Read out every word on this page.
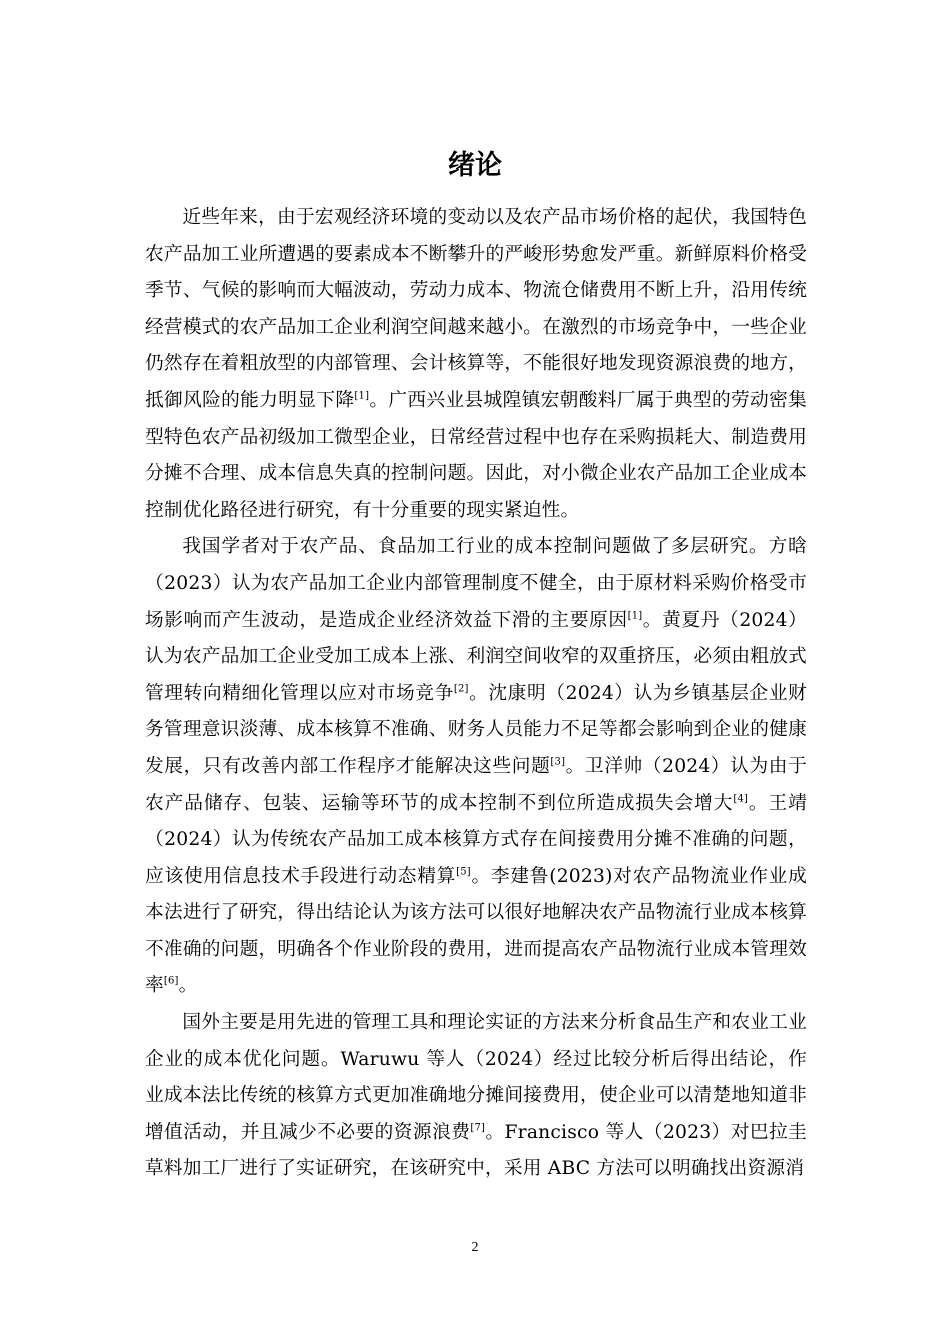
绪论

近些年来，由于宏观经济环境的变动以及农产品市场价格的起伏，我国特色农产品加工业所遭遇的要素成本不断攀升的严峻形势愈发严重。新鲜原料价格受季节、气候的影响而大幅波动，劳动力成本、物流仓储费用不断上升，沿用传统经营模式的农产品加工企业利润空间越来越小。在激烈的市场竞争中，一些企业仍然存在着粗放型的内部管理、会计核算等，不能很好地发现资源浪费的地方，抵御风险的能力明显下降[1]。广西兴业县城隍镇宏朝酸料厂属于典型的劳动密集型特色农产品初级加工微型企业，日常经营过程中也存在采购损耗大、制造费用分摊不合理、成本信息失真的控制问题。因此，对小微企业农产品加工企业成本控制优化路径进行研究，有十分重要的现实紧迫性。

我国学者对于农产品、食品加工行业的成本控制问题做了多层研究。方晗（2023）认为农产品加工企业内部管理制度不健全，由于原材料采购价格受市场影响而产生波动，是造成企业经济效益下滑的主要原因[1]。黄夏丹（2024）认为农产品加工企业受加工成本上涨、利润空间收窄的双重挤压，必须由粗放式管理转向精细化管理以应对市场竞争[2]。沈康明（2024）认为乡镇基层企业财务管理意识淡薄、成本核算不准确、财务人员能力不足等都会影响到企业的健康发展，只有改善内部工作程序才能解决这些问题[3]。卫洋帅（2024）认为由于农产品储存、包装、运输等环节的成本控制不到位所造成损失会增大[4]。王靖（2024）认为传统农产品加工成本核算方式存在间接费用分摊不准确的问题，应该使用信息技术手段进行动态精算[5]。李建鲁(2023)对农产品物流业作业成本法进行了研究，得出结论认为该方法可以很好地解决农产品物流行业成本核算不准确的问题，明确各个作业阶段的费用，进而提高农产品物流行业成本管理效率[6]。

国外主要是用先进的管理工具和理论实证的方法来分析食品生产和农业工业企业的成本优化问题。Waruwu 等人（2024）经过比较分析后得出结论，作业成本法比传统的核算方式更加准确地分摊间接费用，使企业可以清楚地知道非增值活动，并且减少不必要的资源浪费[7]。Francisco 等人（2023）对巴拉圭草料加工厂进行了实证研究，在该研究中，采用 ABC 方法可以明确找出资源消

2
